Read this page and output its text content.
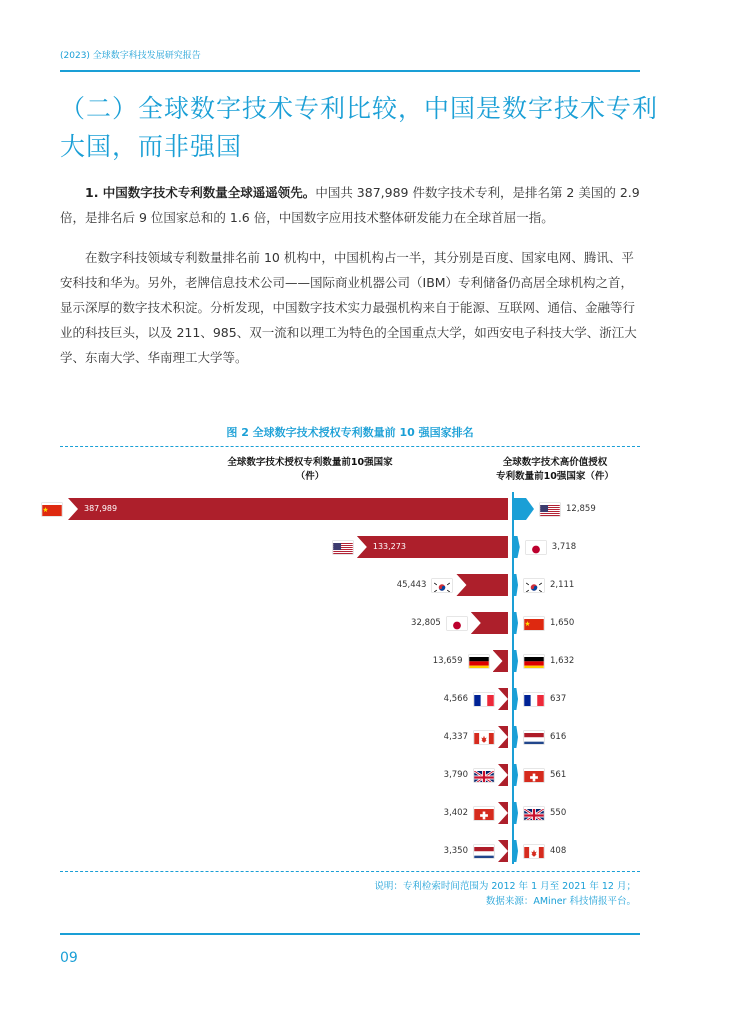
(2023) 全球数字科技发展研究报告
（二）全球数字技术专利比较，中国是数字技术专利大国，而非强国

1. 中国数字技术专利数量全球遥遥领先。中国共 387,989 件数字技术专利，是排名第 2 美国的 2.9 倍，是排名后 9 位国家总和的 1.6 倍，中国数字应用技术整体研发能力在全球首屈一指。

在数字科技领域专利数量排名前 10 机构中，中国机构占一半，其分别是百度、国家电网、腾讯、平安科技和华为。另外，老牌信息技术公司——国际商业机器公司（IBM）专利储备仍高居全球机构之首，显示深厚的数字技术积淀。分析发现，中国数字技术实力最强机构来自于能源、互联网、通信、金融等行业的科技巨头，以及 211、985、双一流和以理工为特色的全国重点大学，如西安电子科技大学、浙江大学、东南大学、华南理工大学等。

图 2 全球数字技术授权专利数量前 10 强国家排名
全球数字技术授权专利数量前10强国家
（件）
全球数字技术高价值授权
专利数量前10强国家（件）
387,989
133,273
45,443
32,805
13,659
4,566
4,337
3,790
3,402
3,350
12,859
3,718
2,111
1,650
1,632
637
616
561
550
408
说明：专利检索时间范围为 2012 年 1 月至 2021 年 12 月；
数据来源：AMiner 科技情报平台。
09
